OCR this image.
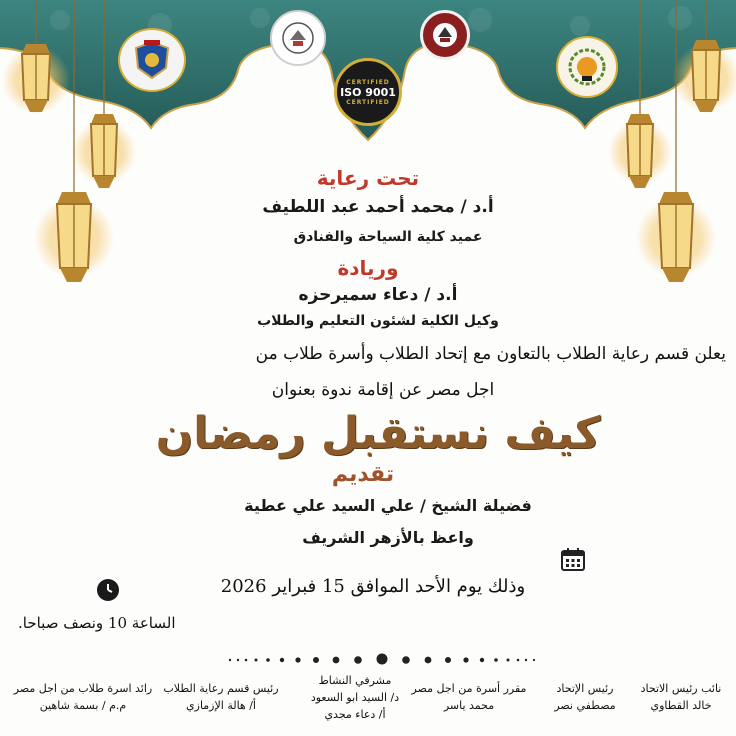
CERTIFIED
ISO 9001
CERTIFIED
تحت رعاية
أ.د / محمد أحمد عبد اللطيف
عميد كلية السياحة والفنادق
وريادة
أ.د / دعاء سميرحزه
وكيل الكلية لشئون التعليم والطلاب
يعلن قسم رعاية الطلاب بالتعاون مع إتحاد الطلاب وأسرة طلاب من
اجل مصر عن إقامة ندوة بعنوان
كيف نستقبل رمضان
تقديم
فضيلة الشيخ / علي السيد علي عطية
واعظ بالأزهر الشريف
وذلك يوم الأحد الموافق 15 فبراير 2026
الساعة 10 ونصف صباحا.
نائب رئيس الاتحاد
خالد القطاوي
رئيس الإتحاد
مصطفي نصر
مقرر أسرة من اجل مصر
محمد ياسر
مشرفي النشاط
د/ السيد ابو السعود
أ/ دعاء مجدي
رئيس قسم رعاية الطلاب
أ/ هالة الإزمازي
رائد اسرة طلاب من اجل مصر
م.م / بسمة شاهين
